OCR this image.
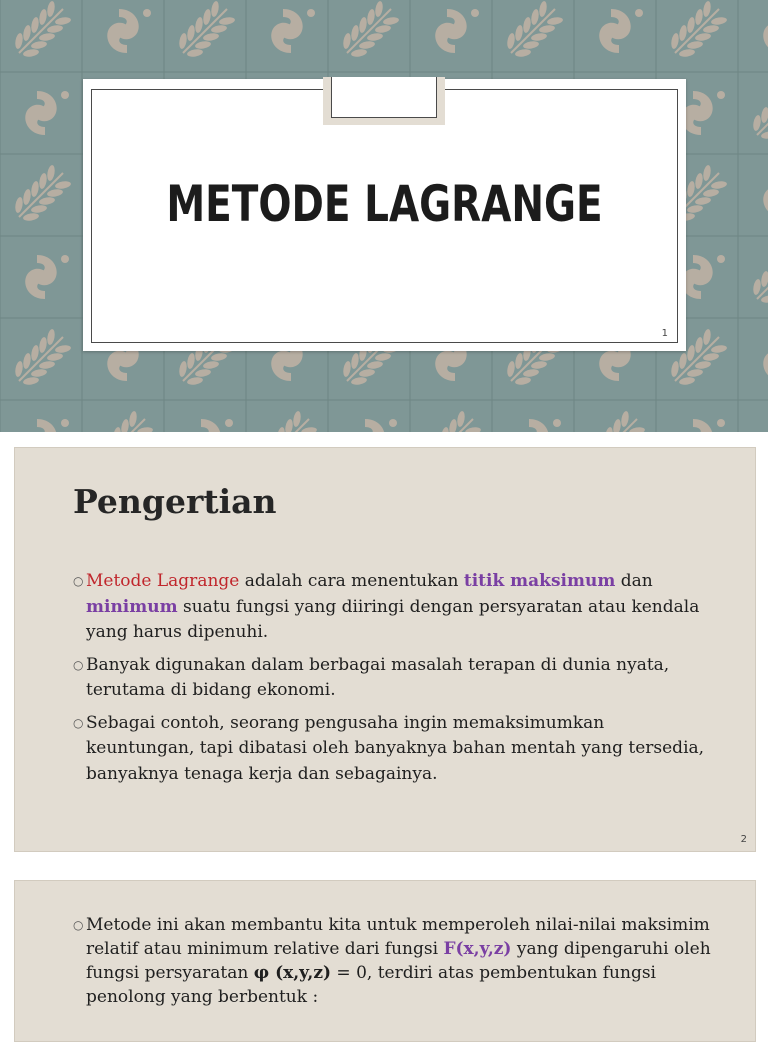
METODE LAGRANGE
1
Pengertian
○ Metode Lagrange adalah cara menentukan titik maksimum dan minimum suatu fungsi yang diiringi dengan persyaratan atau kendala yang harus dipenuhi.
○ Banyak digunakan dalam berbagai masalah terapan di dunia nyata, terutama di bidang ekonomi.
○ Sebagai contoh, seorang pengusaha ingin memaksimumkan keuntungan, tapi dibatasi oleh banyaknya bahan mentah yang tersedia, banyaknya tenaga kerja dan sebagainya.
2
○ Metode ini akan membantu kita untuk memperoleh nilai-nilai maksimim relatif atau minimum relative dari fungsi F(x,y,z) yang dipengaruhi oleh fungsi persyaratan φ (x,y,z) = 0, terdiri atas pembentukan fungsi penolong yang berbentuk :
